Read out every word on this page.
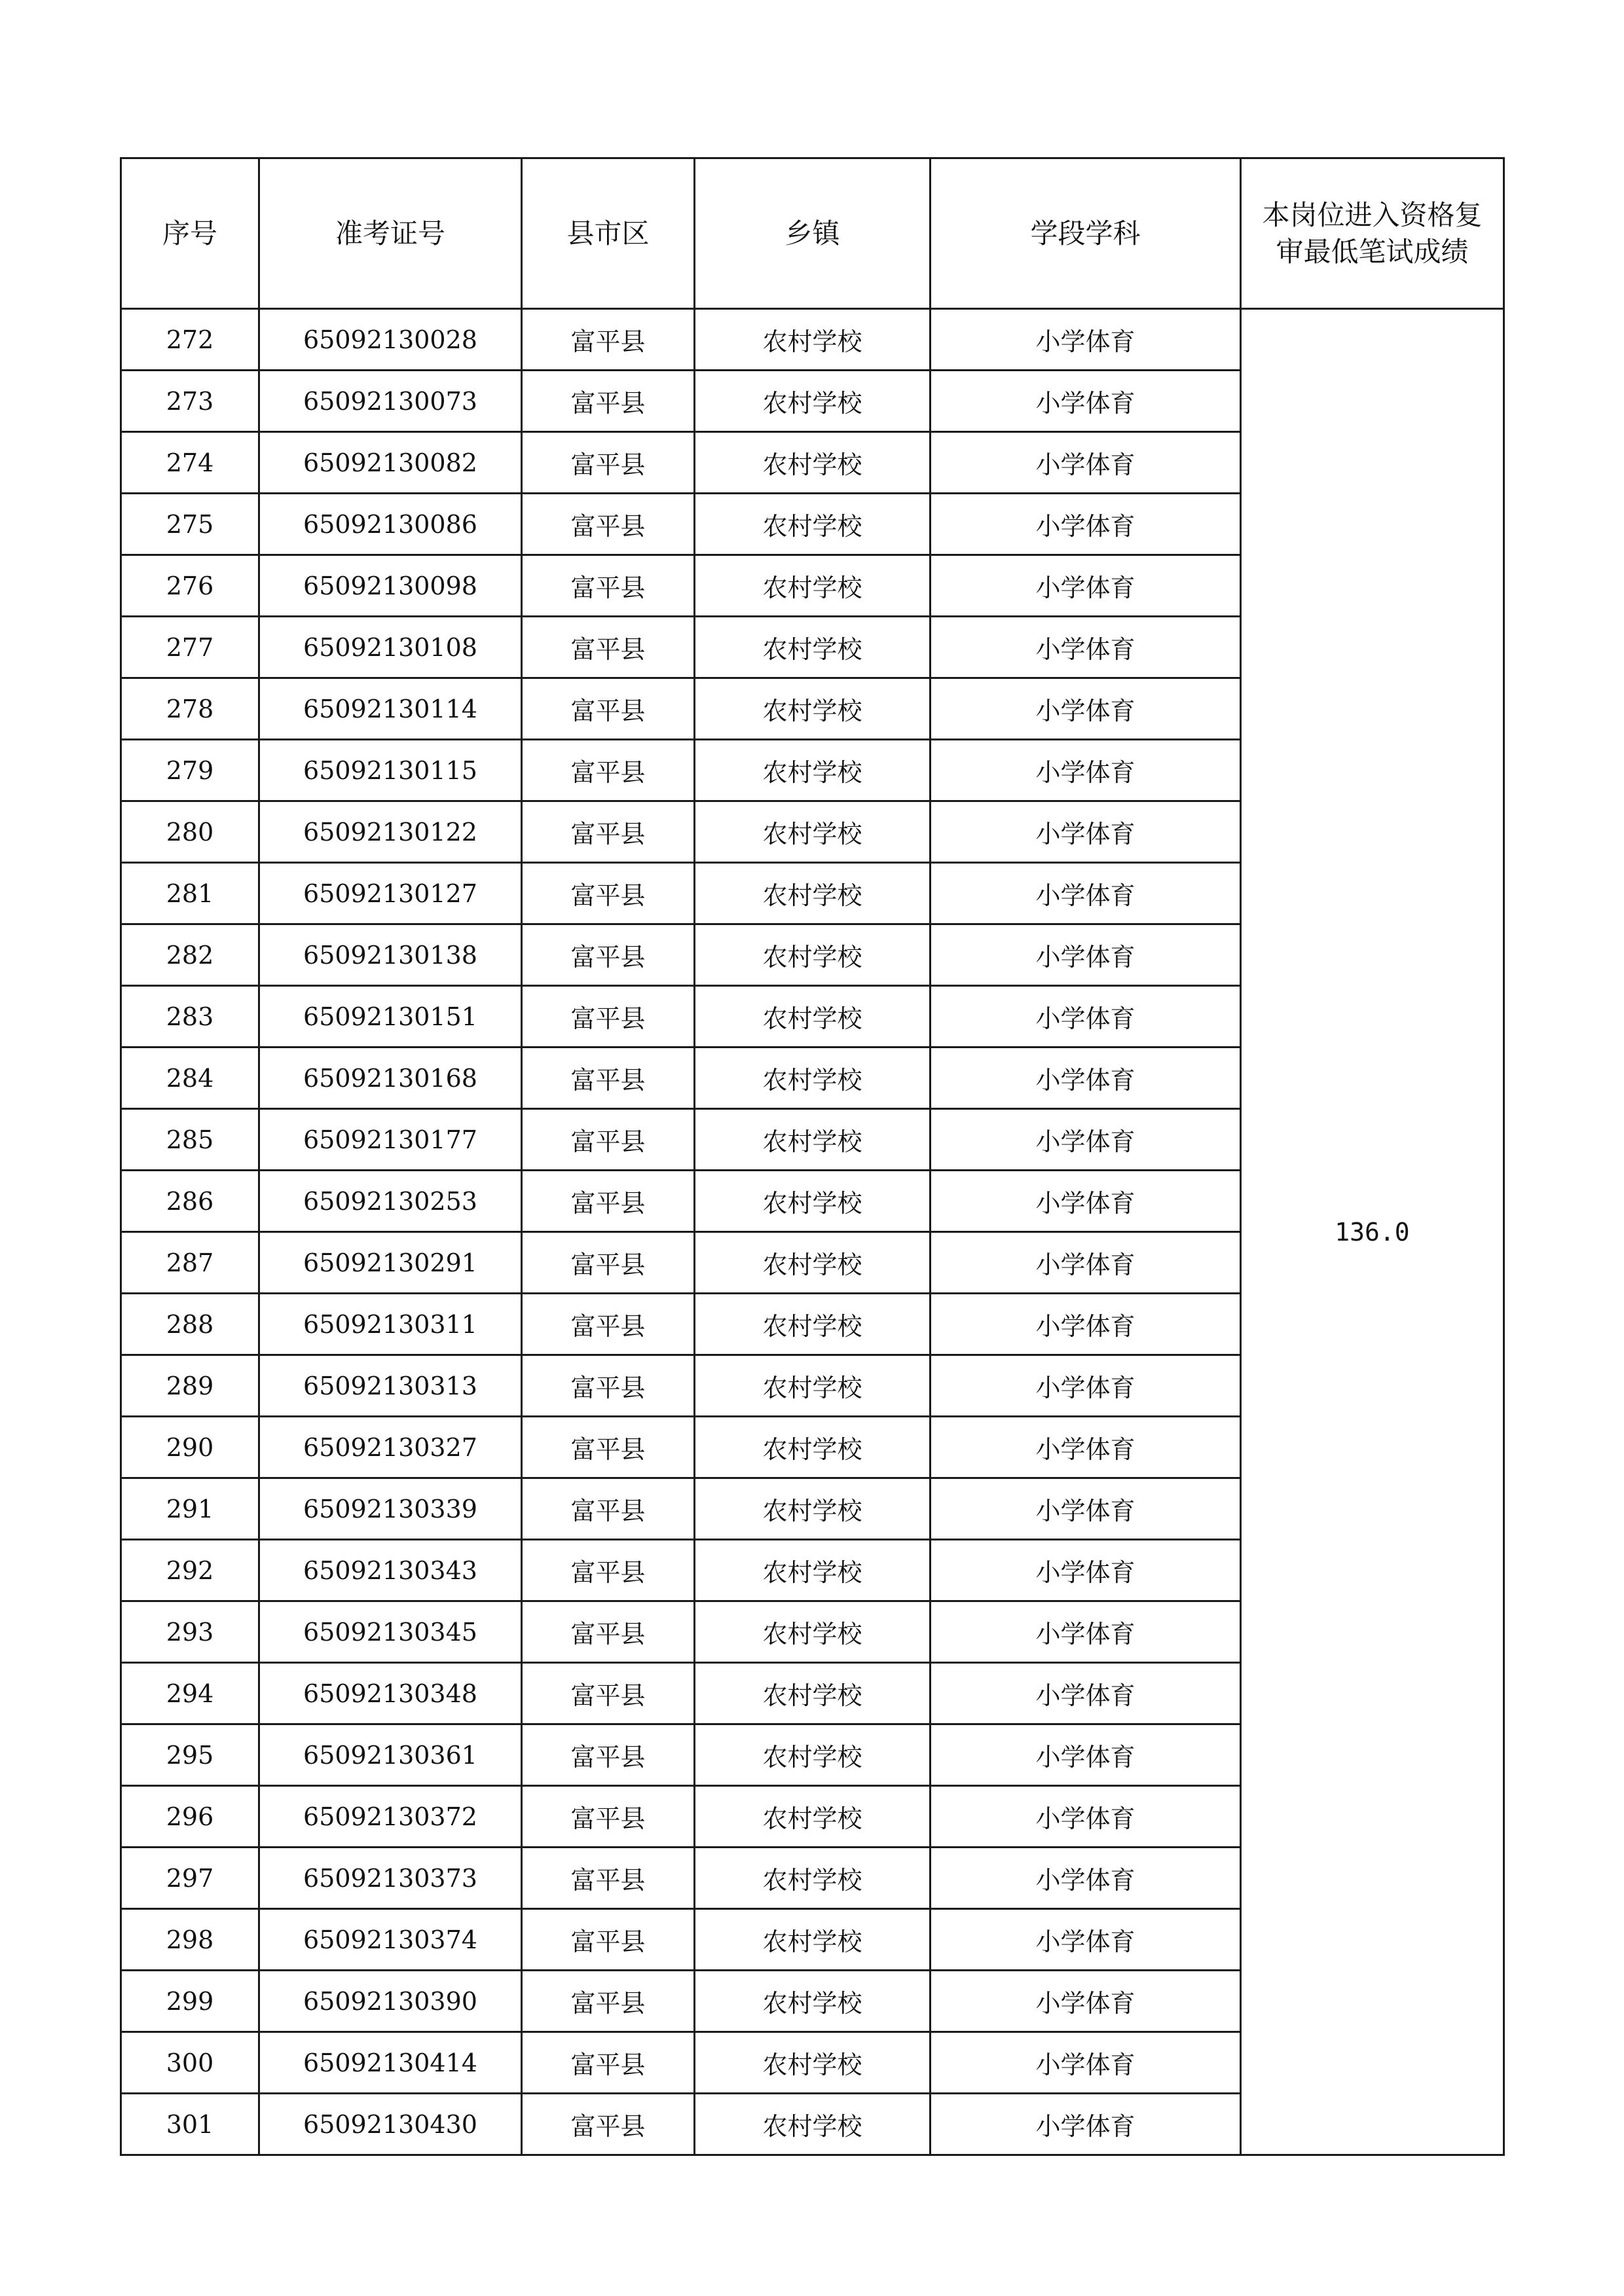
序号	准考证号	县市区	乡镇	学段学科	本岗位进入资格复审最低笔试成绩
272	65092130028	富平县	农村学校	小学体育	136.0
273	65092130073	富平县	农村学校	小学体育	
274	65092130082	富平县	农村学校	小学体育	
275	65092130086	富平县	农村学校	小学体育	
276	65092130098	富平县	农村学校	小学体育	
277	65092130108	富平县	农村学校	小学体育	
278	65092130114	富平县	农村学校	小学体育	
279	65092130115	富平县	农村学校	小学体育	
280	65092130122	富平县	农村学校	小学体育	
281	65092130127	富平县	农村学校	小学体育	
282	65092130138	富平县	农村学校	小学体育	
283	65092130151	富平县	农村学校	小学体育	
284	65092130168	富平县	农村学校	小学体育	
285	65092130177	富平县	农村学校	小学体育	
286	65092130253	富平县	农村学校	小学体育	
287	65092130291	富平县	农村学校	小学体育	
288	65092130311	富平县	农村学校	小学体育	
289	65092130313	富平县	农村学校	小学体育	
290	65092130327	富平县	农村学校	小学体育	
291	65092130339	富平县	农村学校	小学体育	
292	65092130343	富平县	农村学校	小学体育	
293	65092130345	富平县	农村学校	小学体育	
294	65092130348	富平县	农村学校	小学体育	
295	65092130361	富平县	农村学校	小学体育	
296	65092130372	富平县	农村学校	小学体育	
297	65092130373	富平县	农村学校	小学体育	
298	65092130374	富平县	农村学校	小学体育	
299	65092130390	富平县	农村学校	小学体育	
300	65092130414	富平县	农村学校	小学体育	
301	65092130430	富平县	农村学校	小学体育	
